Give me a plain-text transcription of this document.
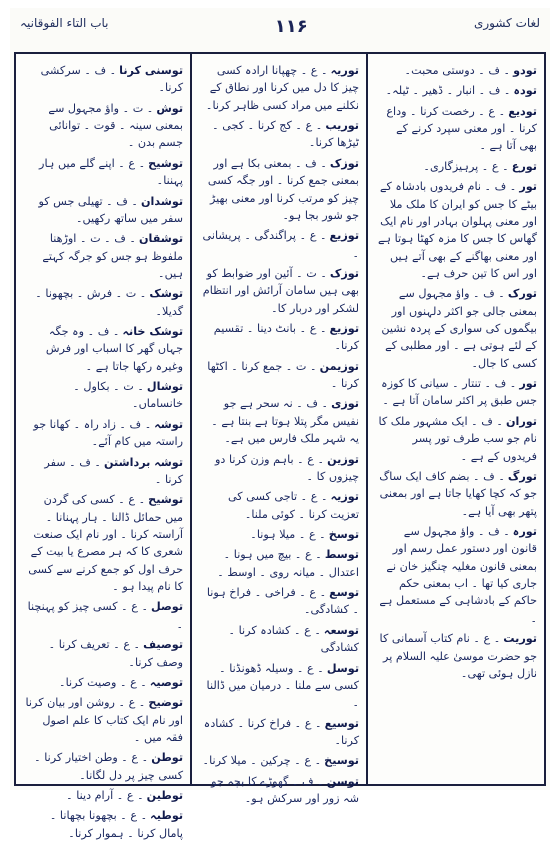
لغات کشوری
۱۱۶
باب التاء الفوقانیہ

تودو۔ ف ۔ دوستی محبت۔

تودہ۔ ف ۔ انبار ۔ ڈھیر ۔ ٹیلہ۔

تودیع۔ ع ۔ رخصت کرنا ۔ وداع کرنا ۔ اور معنی سپرد کرنے کے بھی آتا ہے ۔

تورع۔ ع ۔ پرہیزگاری۔

تور۔ ف ۔ نام فریدوں بادشاہ کے بیٹے کا جس کو ایران کا ملک ملا اور معنی پہلوان بہادر اور نام ایک گھاس کا جس کا مزہ کھٹا ہوتا ہے اور معنی بھاگنے کے بھی آتے ہیں اور اس کا تین حرف ہے۔

تورک۔ ف ۔ واؤ مجہول سے بمعنی جالی جو اکثر دلہنوں اور بیگموں کی سواری کے پردہ نشین کے لئے ہوتی ہے ۔ اور مطلبی کے کسی کا جال۔

تور۔ ف ۔ تنتار ۔ سیانی کا کوزہ جس طبق پر اکثر سامان آتا ہے ۔

توران۔ ف ۔ ایک مشہور ملک کا نام جو سب طرف تور پسر فریدوں کے ہے ۔

تورگ۔ ف ۔ بضم کاف ایک ساگ جو کہ کچا کھایا جاتا ہے اور بمعنی پتھر بھی آیا ہے۔

تورہ۔ ف ۔ واؤ مجہول سے قانون اور دستور عمل رسم اور بمعنی قانون مغلیہ چنگیز خان نے جاری کیا تھا ۔ اب بمعنی حکم حاکم کے بادشاہی کے مستعمل ہے ۔

توریت۔ ع ۔ نام کتاب آسمانی کا جو حضرت موسیٰ علیہ السلام پر نازل ہوئی تھی۔

توریہ۔ ع ۔ چھپانا ارادہ کسی چیز کا دل میں کرنا اور نطاق کے نکلنے میں مراد کسی ظاہر کرنا۔

توریب۔ ع ۔ کج کرنا ۔ کجی ۔ ٹیڑھا کرنا۔

توزک۔ ف ۔ بمعنی بکا ہے اور بمعنی جمع کرنا ۔ اور جگہ کسی چیز کو مرتب کرنا اور معنی بھیڑ جو شور بجا ہو۔

توزیع۔ ع ۔ پراگندگی ۔ پریشانی ۔

توزک۔ ت ۔ آئین اور ضوابط کو بھی ہیں سامان آرائش اور انتظام لشکر اور دربار کا۔

توزیع۔ ع ۔ بانٹ دینا ۔ تقسیم کرنا۔

توزیمن۔ ت ۔ جمع کرنا ۔ اکٹھا کرنا ۔

توزی۔ ف ۔ نہ سحر ہے جو نفیس مگر پتلا ہوتا ہے بنتا ہے ۔ یہ شہر ملک فارس میں ہے۔

توزین۔ ع ۔ باہم وزن کرنا دو چیزوں کا ۔

توزیہ۔ ع ۔ تاجی کسی کی تعزیت کرنا ۔ کوئی ملنا۔

توسخ۔ ع ۔ میلا ہونا۔

توسط۔ ع ۔ بیچ میں ہونا ۔ اعتدال ۔ میانہ روی ۔ اوسط ۔

توسع۔ ع ۔ فراخی ۔ فراخ ہونا ۔ کشادگی۔

توسعہ۔ ع ۔ کشادہ کرنا ۔ کشادگی

توسل۔ ع ۔ وسیلہ ڈھونڈنا ۔ کسی سے ملنا ۔ درمیان میں ڈالنا ۔

توسیع۔ ع ۔ فراخ کرنا ۔ کشادہ کرنا۔

توسیخ۔ ع ۔ چرکین ۔ میلا کرنا۔

توسن۔ ف ۔ گھوڑے کا بچہ جو شہ زور اور سرکش ہو۔

توسنی کرنا۔ ف ۔ سرکشی کرنا۔

توش۔ ت ۔ واؤ مجہول سے بمعنی سینہ ۔ قوت ۔ توانائی جسم بدن ۔

توشیح۔ ع ۔ اپنے گلے میں ہار پہننا۔

توشدان۔ ف ۔ تھیلی جس کو سفر میں ساتھ رکھیں۔

توشقان۔ ف ۔ ت ۔ اوڑھنا ملفوظ ہو جس کو جرگہ کہتے ہیں۔

توشک۔ ت ۔ فرش ۔ بچھونا ۔ گدیلا۔

توشک خانہ۔ ف ۔ وہ جگہ جہاں گھر کا اسباب اور فرش وغیرہ رکھا جاتا ہے ۔

توشال۔ ت ۔ بکاول ۔ خانساماں۔

توشہ۔ ف ۔ زاد راہ ۔ کھانا جو راستہ میں کام آئے۔

توشہ برداشتن۔ ف ۔ سفر کرنا ۔

توشیح۔ ع ۔ کسی کی گردن میں حمائل ڈالنا ۔ ہار پہنانا ۔ آراستہ کرنا ۔ اور نام ایک صنعت شعری کا کہ ہر مصرع یا بیت کے حرف اول کو جمع کرنے سے کسی کا نام پیدا ہو ۔

توصل۔ ع ۔ کسی چیز کو پہنچنا ۔

توصیف۔ ع ۔ تعریف کرنا ۔ وصف کرنا۔

توصیہ۔ ع ۔ وصیت کرنا۔

توضیح۔ ع ۔ روشن اور بیان کرنا اور نام ایک کتاب کا علم اصول فقہ میں ۔

توطن۔ ع ۔ وطن اختیار کرنا ۔ کسی چیز پر دل لگانا۔

توطین۔ ع ۔ آرام دینا ۔

توطیہ۔ ع ۔ بچھونا بچھانا ۔ پامال کرنا ۔ ہموار کرنا۔
